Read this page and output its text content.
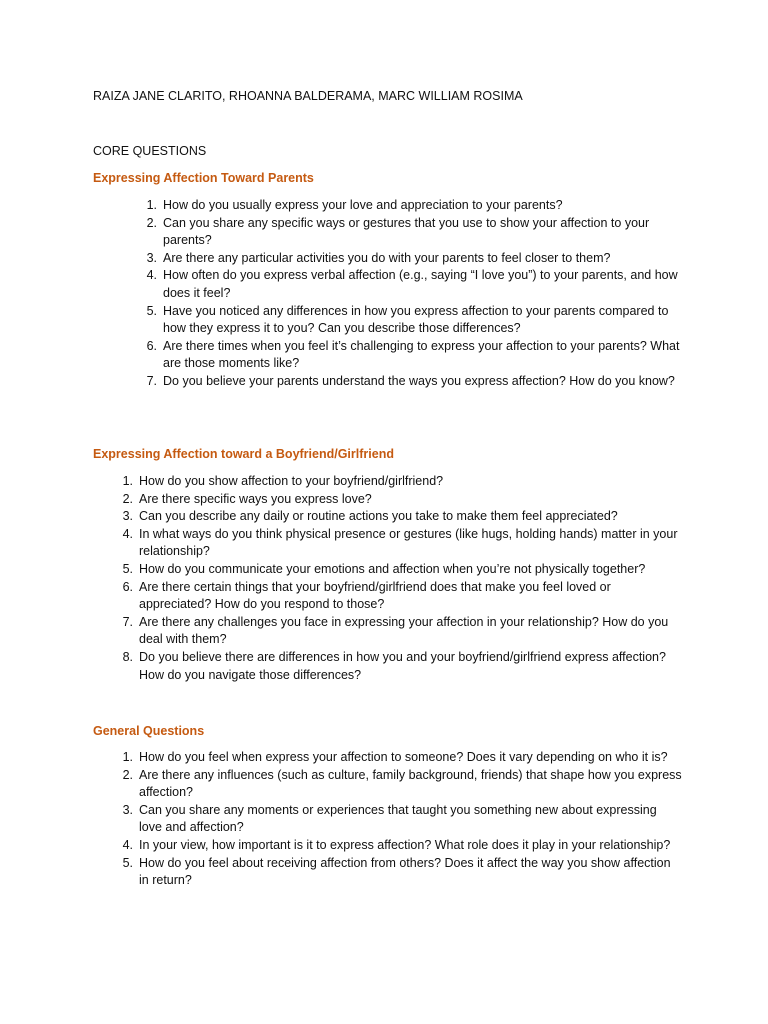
RAIZA JANE CLARITO, RHOANNA BALDERAMA, MARC WILLIAM ROSIMA

CORE QUESTIONS

Expressing Affection Toward Parents

1. How do you usually express your love and appreciation to your parents?
2. Can you share any specific ways or gestures that you use to show your affection to your parents?
3. Are there any particular activities you do with your parents to feel closer to them?
4. How often do you express verbal affection (e.g., saying “I love you”) to your parents, and how does it feel?
5. Have you noticed any differences in how you express affection to your parents compared to how they express it to you? Can you describe those differences?
6. Are there times when you feel it’s challenging to express your affection to your parents? What are those moments like?
7. Do you believe your parents understand the ways you express affection? How do you know?

Expressing Affection toward a Boyfriend/Girlfriend

1. How do you show affection to your boyfriend/girlfriend?
2. Are there specific ways you express love?
3. Can you describe any daily or routine actions you take to make them feel appreciated?
4. In what ways do you think physical presence or gestures (like hugs, holding hands) matter in your relationship?
5. How do you communicate your emotions and affection when you’re not physically together?
6. Are there certain things that your boyfriend/girlfriend does that make you feel loved or appreciated? How do you respond to those?
7. Are there any challenges you face in expressing your affection in your relationship? How do you deal with them?
8. Do you believe there are differences in how you and your boyfriend/girlfriend express affection? How do you navigate those differences?

General Questions

1. How do you feel when express your affection to someone? Does it vary depending on who it is?
2. Are there any influences (such as culture, family background, friends) that shape how you express affection?
3. Can you share any moments or experiences that taught you something new about expressing love and affection?
4. In your view, how important is it to express affection? What role does it play in your relationship?
5. How do you feel about receiving affection from others? Does it affect the way you show affection in return?
